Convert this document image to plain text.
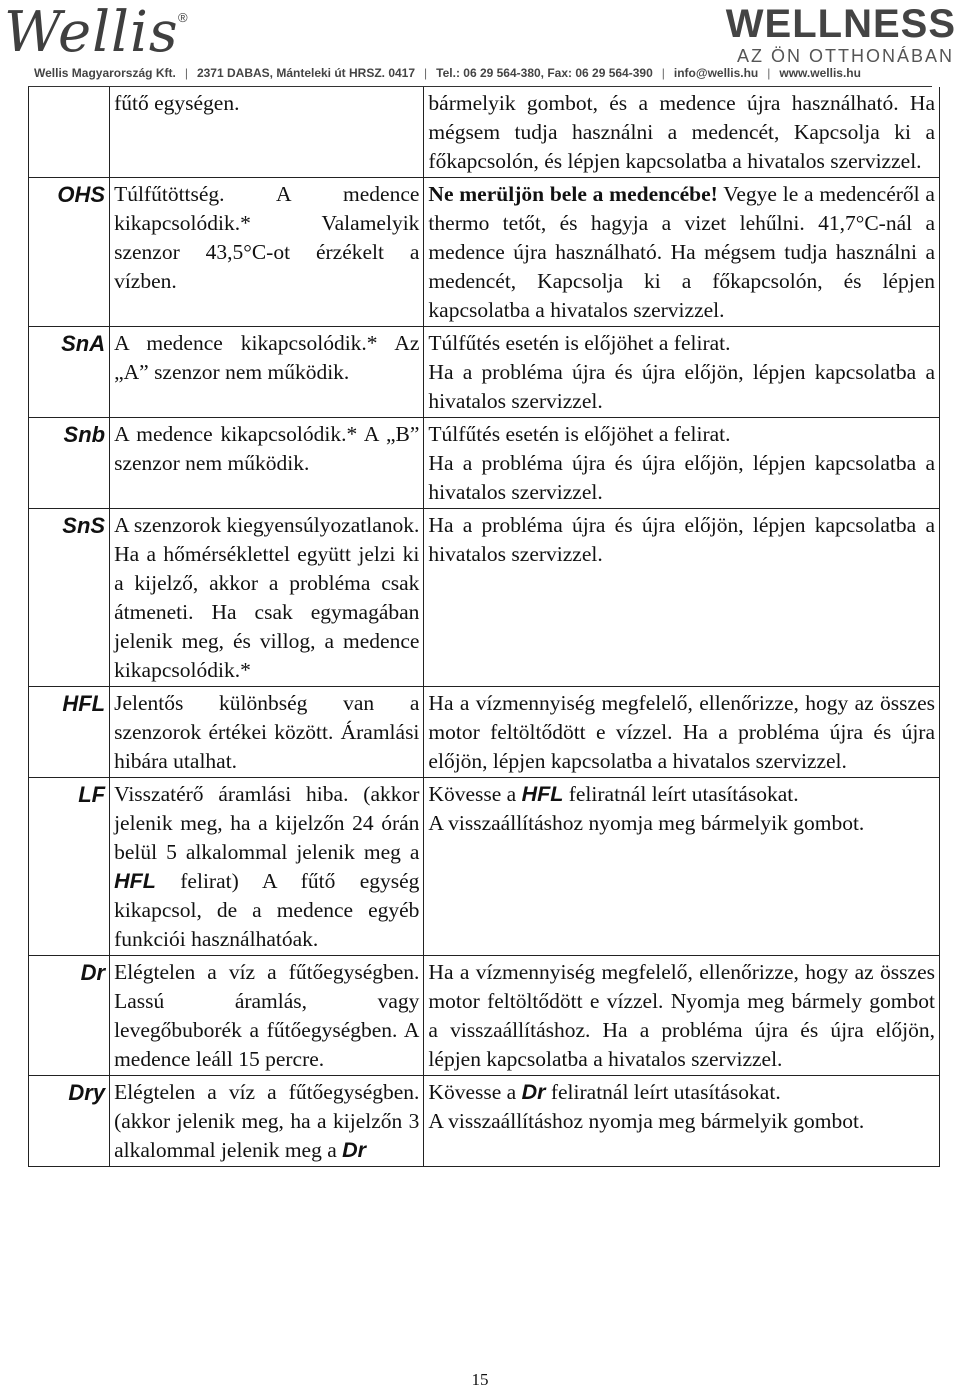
Wellis ®	WELLNESS
AZ ÖN OTTHONÁBAN
Wellis Magyarország Kft. | 2371 DABAS, Mánteleki út HRSZ. 0417 | Tel.: 06 29 564-380, Fax: 06 29 564-390 | info@wellis.hu | www.wellis.hu
	fűtő egységen.	bármelyik gombot, és a medence újra használható. Ha mégsem tudja használni a medencét, Kapcsolja ki a főkapcsolón, és lépjen kapcsolatba a hivatalos szervizzel.
OHS	Túlfűtöttség. A medence kikapcsolódik.* Valamelyik szenzor 43,5°C-ot érzékelt a vízben.	Ne merüljön bele a medencébe! Vegye le a medencéről a thermo tetőt, és hagyja a vizet lehűlni. 41,7°C-nál a medence újra használható. Ha mégsem tudja használni a medencét, Kapcsolja ki a főkapcsolón, és lépjen kapcsolatba a hivatalos szervizzel.
SnA	A medence kikapcsolódik.* Az „A” szenzor nem működik.	Túlfűtés esetén is előjöhet a felirat.
Ha a probléma újra és újra előjön, lépjen kapcsolatba a hivatalos szervizzel.

Snb	A medence kikapcsolódik.* A „B” szenzor nem működik.	Túlfűtés esetén is előjöhet a felirat.
Ha a probléma újra és újra előjön, lépjen kapcsolatba a hivatalos szervizzel.

SnS	A szenzorok kiegyensúlyozatlanok. Ha a hőmérséklettel együtt jelzi ki a kijelző, akkor a probléma csak átmeneti. Ha csak egymagában jelenik meg, és villog, a medence kikapcsolódik.*	Ha a probléma újra és újra előjön, lépjen kapcsolatba a hivatalos szervizzel.
HFL	Jelentős különbség van a szenzorok értékei között. Áramlási hibára utalhat.	Ha a vízmennyiség megfelelő, ellenőrizze, hogy az összes motor feltöltődött e vízzel. Ha a probléma újra és újra előjön, lépjen kapcsolatba a hivatalos szervizzel.
LF	Visszatérő áramlási hiba. (akkor jelenik meg, ha a kijelzőn 24 órán belül 5 alkalommal jelenik meg a HFL felirat) A fűtő egység kikapcsol, de a medence egyéb funkciói használhatóak.	Kövesse a HFL feliratnál leírt utasításokat.
A visszaállításhoz nyomja meg bármelyik gombot.

Dr	Elégtelen a víz a fűtőegységben. Lassú áramlás, vagy levegőbuborék a fűtőegységben. A medence leáll 15 percre.	Ha a vízmennyiség megfelelő, ellenőrizze, hogy az összes motor feltöltődött e vízzel. Nyomja meg bármely gombot a visszaállításhoz. Ha a probléma újra és újra előjön, lépjen kapcsolatba a hivatalos szervizzel.
Dry	Elégtelen a víz a fűtőegységben. (akkor jelenik meg, ha a kijelzőn 3 alkalommal jelenik meg a Dr	Kövesse a Dr feliratnál leírt utasításokat.
A visszaállításhoz nyomja meg bármelyik gombot.
15
